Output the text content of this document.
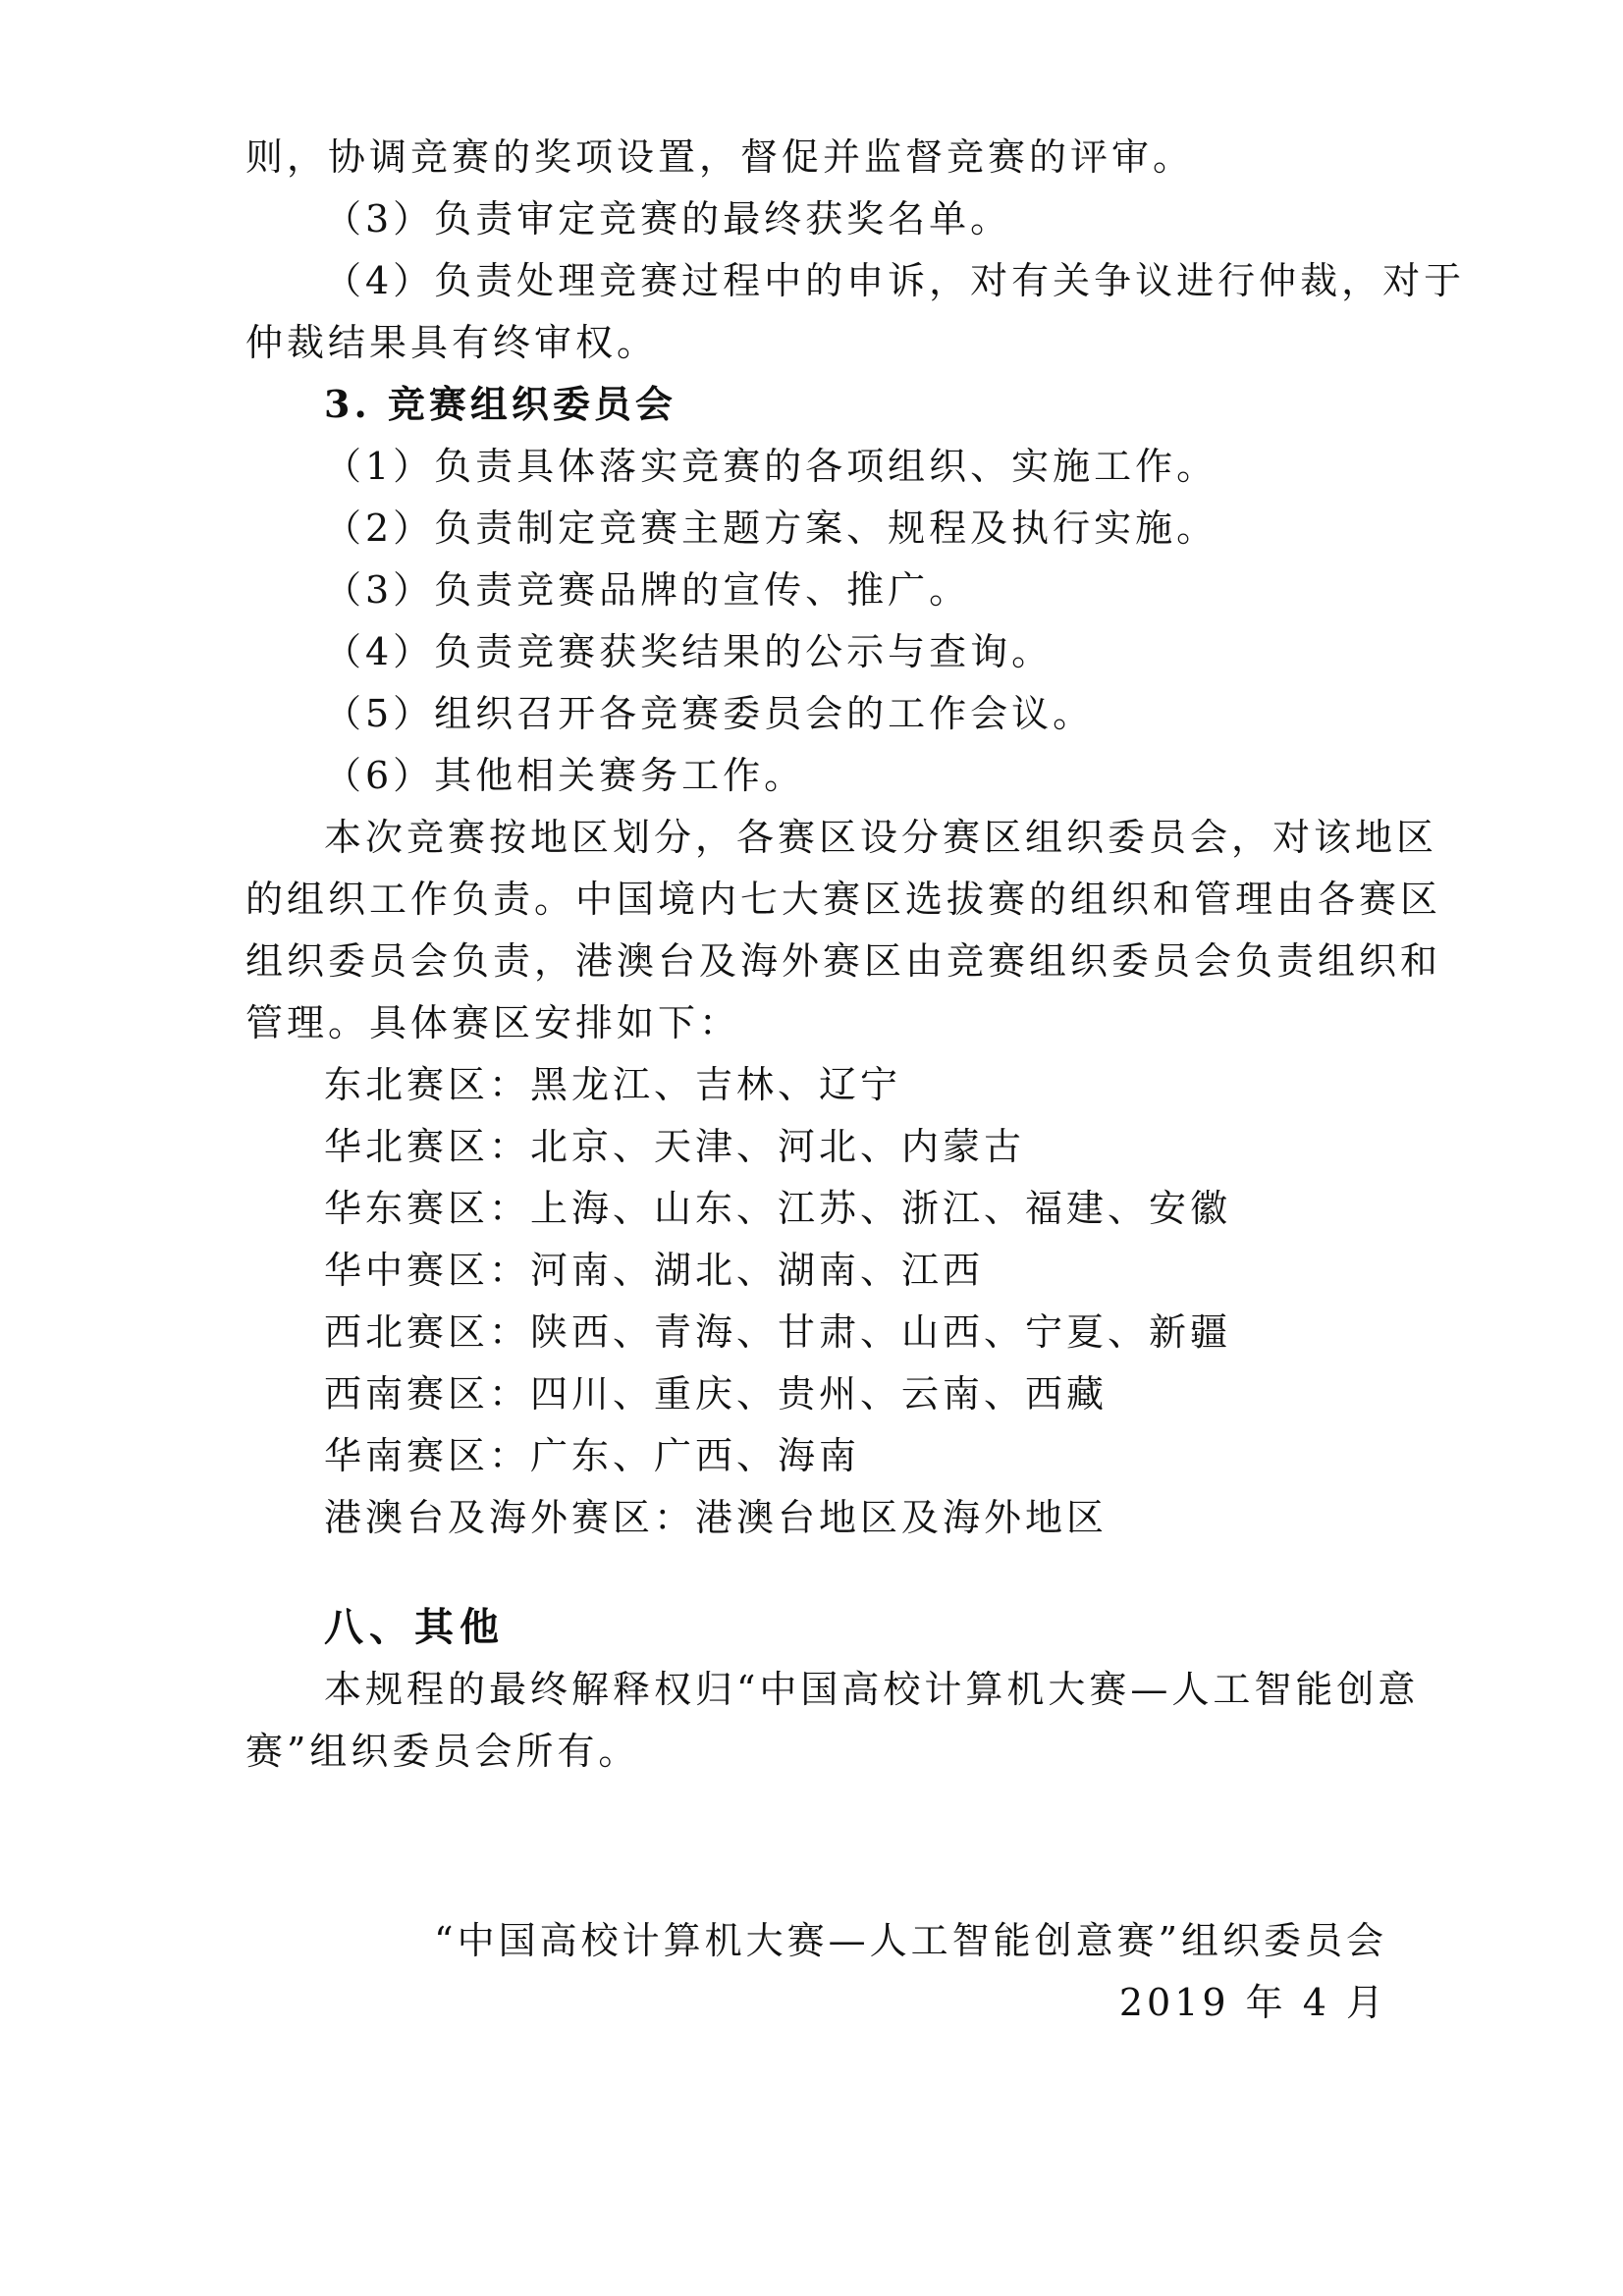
则，协调竞赛的奖项设置，督促并监督竞赛的评审。
（3）负责审定竞赛的最终获奖名单。
（4）负责处理竞赛过程中的申诉，对有关争议进行仲裁，对于
仲裁结果具有终审权。
3. 竞赛组织委员会
（1）负责具体落实竞赛的各项组织、实施工作。
（2）负责制定竞赛主题方案、规程及执行实施。
（3）负责竞赛品牌的宣传、推广。
（4）负责竞赛获奖结果的公示与查询。
（5）组织召开各竞赛委员会的工作会议。
（6）其他相关赛务工作。
本次竞赛按地区划分，各赛区设分赛区组织委员会，对该地区
的组织工作负责。中国境内七大赛区选拔赛的组织和管理由各赛区
组织委员会负责，港澳台及海外赛区由竞赛组织委员会负责组织和
管理。具体赛区安排如下：
东北赛区：黑龙江、吉林、辽宁
华北赛区：北京、天津、河北、内蒙古
华东赛区：上海、山东、江苏、浙江、福建、安徽
华中赛区：河南、湖北、湖南、江西
西北赛区：陕西、青海、甘肃、山西、宁夏、新疆
西南赛区：四川、重庆、贵州、云南、西藏
华南赛区：广东、广西、海南
港澳台及海外赛区：港澳台地区及海外地区
八、其他
本规程的最终解释权归“中国高校计算机大赛—人工智能创意
赛”组织委员会所有。
“中国高校计算机大赛—人工智能创意赛”组织委员会
2019 年 4 月
